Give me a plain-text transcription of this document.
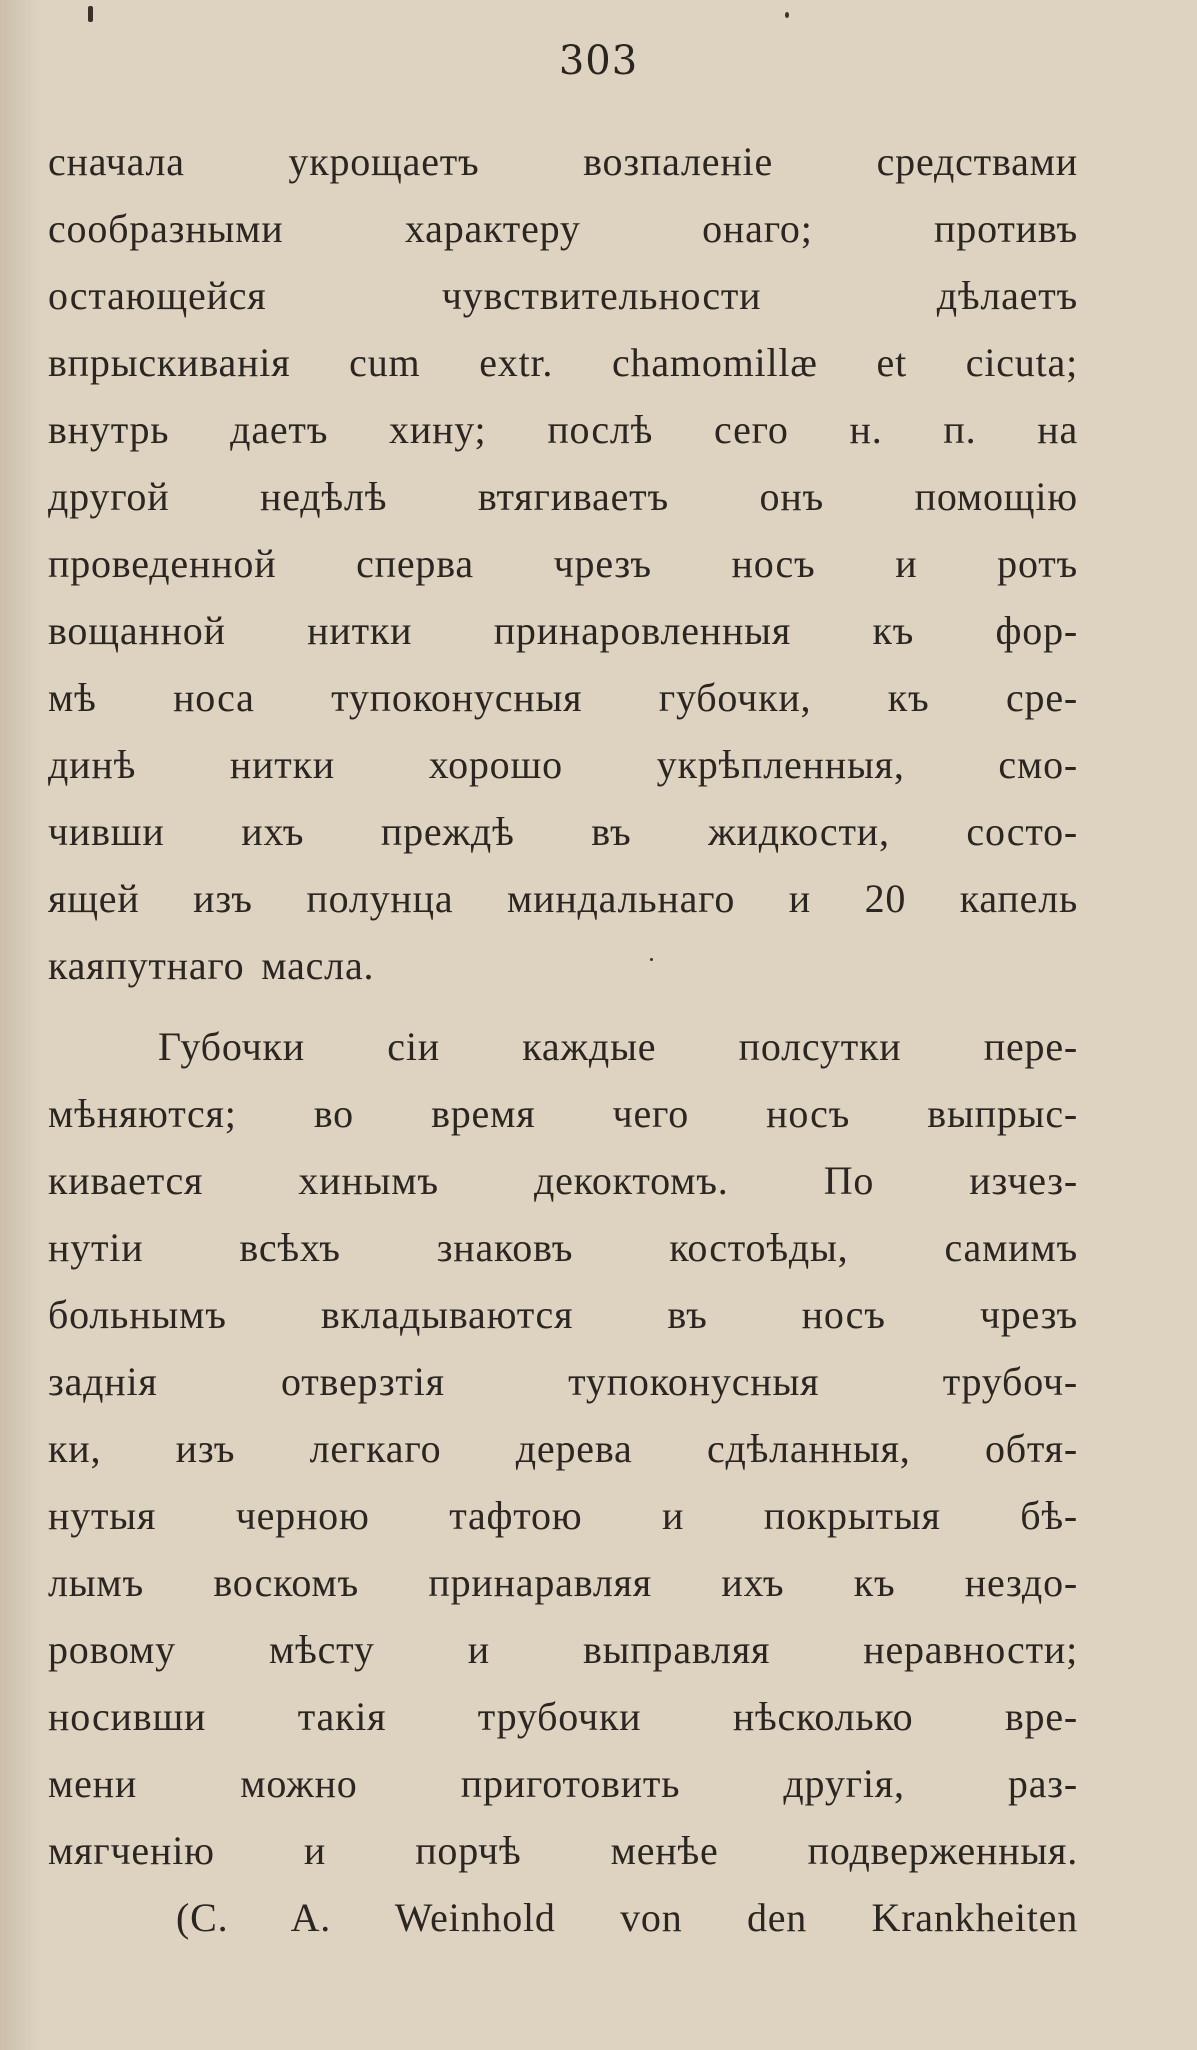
303
сначала укрощаетъ возпаленіе средствами
сообразными характеру онаго; противъ
остающейся чувствительности дѣлаетъ
впрыскиванія cum extr. chamomillæ et cicuta;
внутрь даетъ хину; послѣ сего н. п. на
другой недѣлѣ втягиваетъ онъ помощію
проведенной сперва чрезъ носъ и ротъ
вощанной нитки принаровленныя къ фор-
мѣ носа тупоконусныя губочки, къ сре-
динѣ нитки хорошо укрѣпленныя, смо-
чивши ихъ преждѣ въ жидкости, состо-
ящей изъ полунца миндальнаго и 20 капель
каяпутнаго масла.
Губочки сіи каждые полсутки пере-
мѣняются; во время чего носъ выпрыс-
кивается хинымъ декоктомъ. По изчез-
нутіи всѣхъ знаковъ костоѣды, самимъ
больнымъ вкладываются въ носъ чрезъ
заднія отверзтія тупоконусныя трубоч-
ки, изъ легкаго дерева сдѣланныя, обтя-
нутыя черною тафтою и покрытыя бѣ-
лымъ воскомъ принаравляя ихъ къ нездо-
ровому мѣсту и выправляя неравности;
носивши такія трубочки нѣсколько вре-
мени можно приготовить другія, раз-
мягченію и порчѣ менѣе подверженныя.
(C. A. Weinhold von den Krankheiten
